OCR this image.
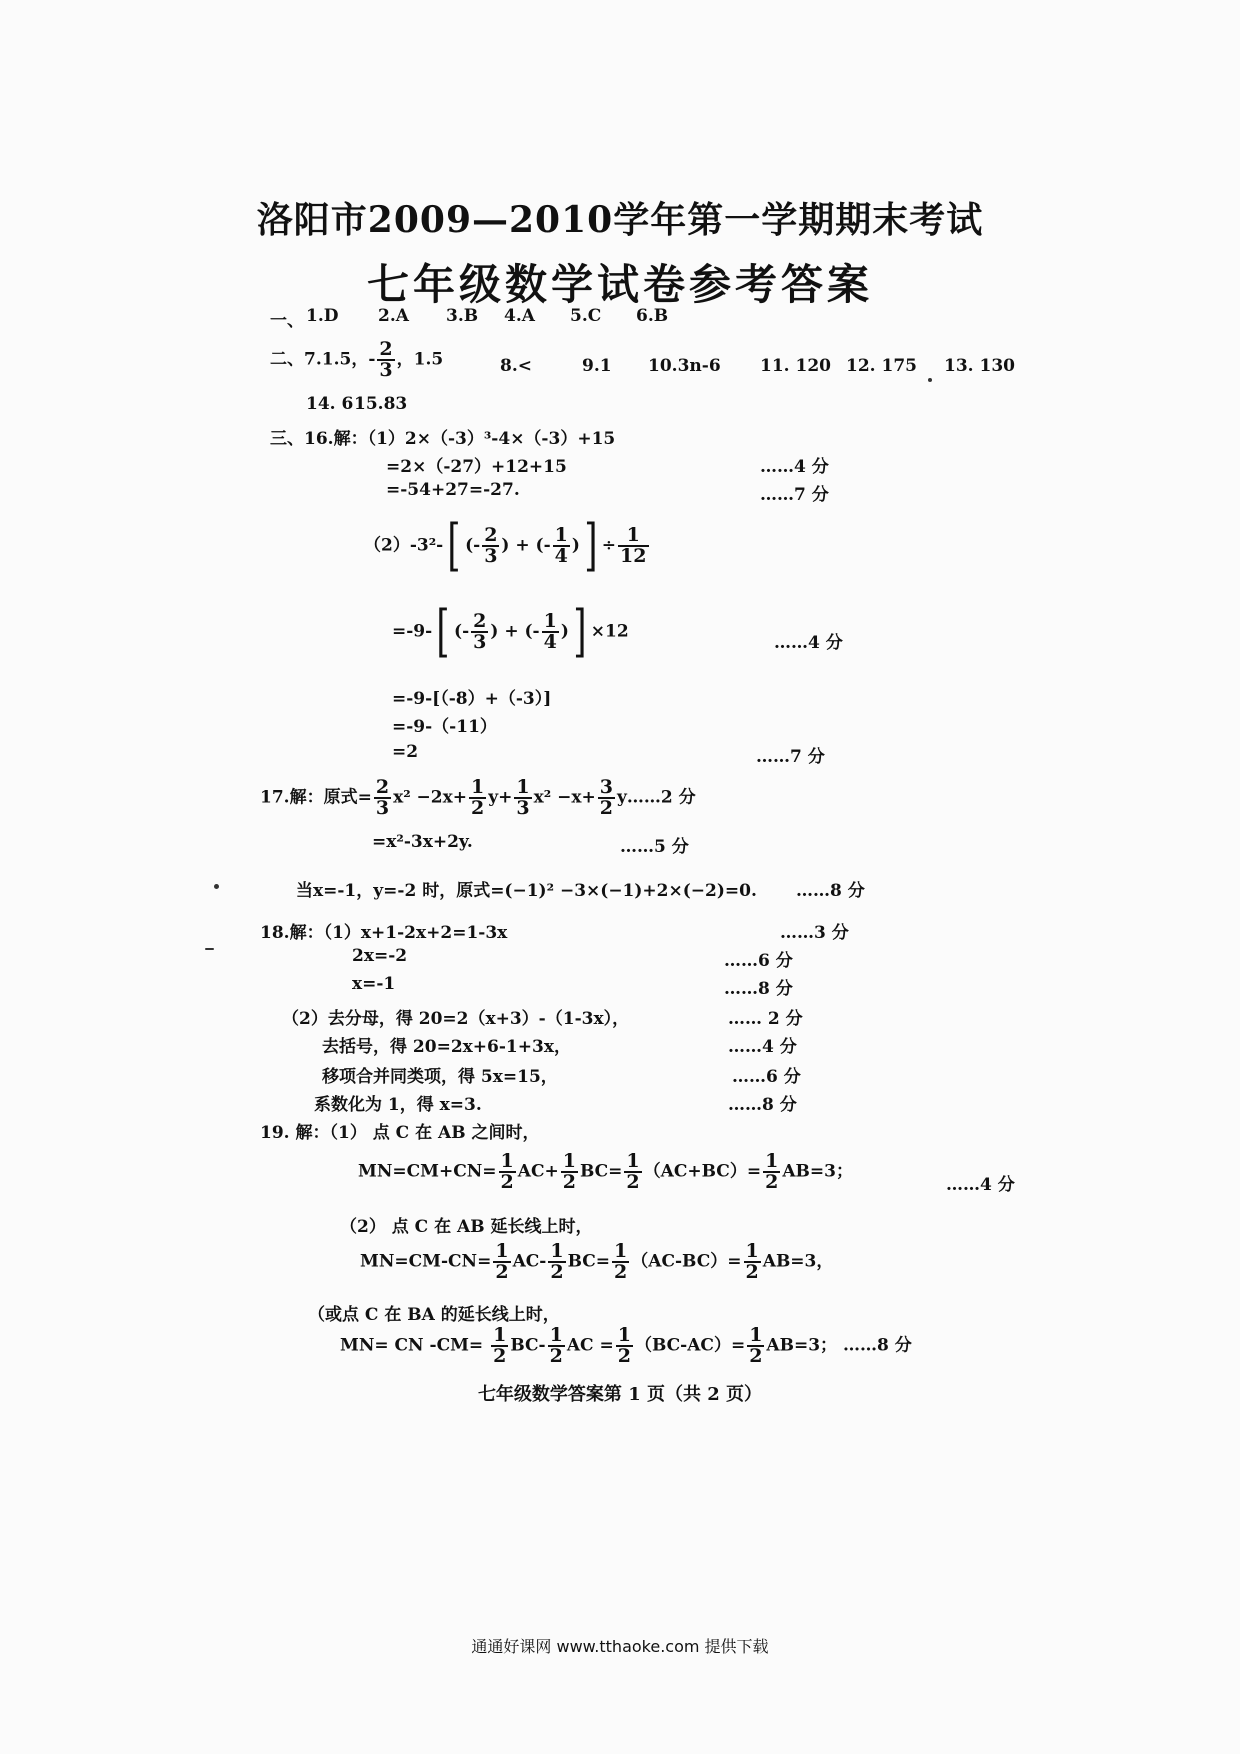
洛阳市2009—2010学年第一学期期末考试
七年级数学试卷参考答案
一、 1.D 2.A 3.B 4.A 5.C 6.B
二、7.1.5，- $\frac{2}{3}$ ，1.5	8.<	9.1 10.3n-6 11. 120 12. 175 13. 130
14. 6 15.83
三、16.解：（1）2×（-3）³-4×（-3）+15
=2×（-27）+12+15	……4 分
=-54+27=-27.	……7 分
（2）-3²-[ (- $\frac{2}{3}$ ) + (- $\frac{1}{4}$ )] ÷ $\frac{1}{12}$
=-9-[ (- $\frac{2}{3}$ ) + (- $\frac{1}{4}$ )] ×12
……4 分
=-9-[（-8）+（-3）]
=-9-（-11）
=2	……7 分
17.解：原式= $\frac{2}{3} x^2 -2x+ \frac{1}{2} y+ \frac{1}{3} x^2 -x+ \frac{3}{2}$ y……2 分
=x²-3x+2y.	……5 分
当x=-1，y=-2 时，原式=(−1)² −3×(−1)+2×(−2)=0. ……8 分
18.解：（1）x+1-2x+2=1-3x	……3 分
2x=-2	……6 分
x=-1	……8 分
（2）去分母，得 20=2（x+3）-（1-3x），	…… 2 分
去括号，得 20=2x+6-1+3x，	……4 分
移项合并同类项，得 5x=15，	……6 分
系数化为 1，得 x=3.	……8 分
19. 解：（1） 点 C 在 AB 之间时，
$MN=CM+CN= \frac{1}{2} AC+ \frac{1}{2} BC= \frac{1}{2} (AC+BC)= \frac{1}{2} AB=3$；
……4 分
（2） 点 C 在 AB 延长线上时，
$MN=CM-CN= \frac{1}{2} AC- \frac{1}{2} BC= \frac{1}{2} (AC-BC)= \frac{1}{2} AB=3$，
（或点 C 在 BA 的延长线上时，
MN= CN $-CM= \frac{1}{2} BC- \frac{1}{2}$ AC = $\frac{1}{2} (BC-AC)= \frac{1}{2} AB=3$； ……8 分
七年级数学答案第 1 页（共 2 页）
通通好课网 www.tthaoke.com 提供下载
